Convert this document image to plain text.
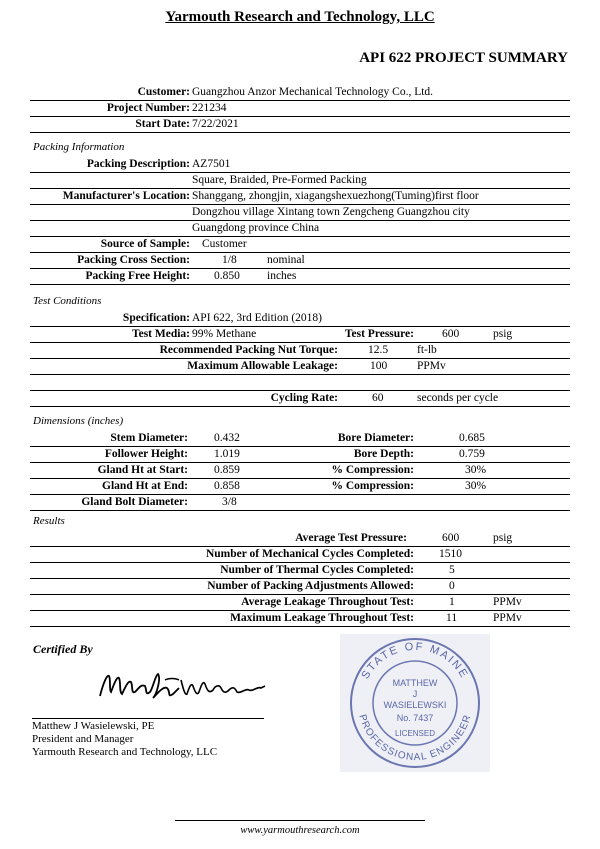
Yarmouth Research and Technology, LLC
API 622 PROJECT SUMMARY
Customer: Guangzhou Anzor Mechanical Technology Co., Ltd.
Project Number: 221234
Start Date: 7/22/2021
Packing Information
Packing Description: AZ7501
Square, Braided, Pre-Formed Packing
Manufacturer's Location: Shanggang, zhongjin, xiagangshexuezhong(Tuming)first floor
Dongzhou village Xintang town Zengcheng Guangzhou city
Guangdong province China
Source of Sample: Customer
Packing Cross Section:	1/8	nominal
Packing Free Height: 0.850 inches
Test Conditions
Specification: API 622, 3rd Edition (2018)
Test Media: 99% Methane	Test Pressure: 600	psig
Recommended Packing Nut Torque:	12.5	ft-lb
Maximum Allowable Leakage:	100	PPMv
Cycling Rate:	60	seconds per cycle
Dimensions (inches)
Stem Diameter: 0.432	Bore Diameter:	0.685
Follower Height: 1.019	Bore Depth:	0.759
Gland Ht at Start: 0.859	% Compression:	30%
Gland Ht at End: 0.858	% Compression:	30%
Gland Bolt Diameter:	3/8
Results
Average Test Pressure:	600	psig
Number of Mechanical Cycles Completed: 1510
Number of Thermal Cycles Completed:	5
Number of Packing Adjustments Allowed:	0
Average Leakage Throughout Test:	1	PPMv
Maximum Leakage Throughout Test:	11	PPMv
Certified By
Matthew J Wasielewski, PE
President and Manager
Yarmouth Research and Technology, LLC
STATE OF MAINE
PROFESSIONAL ENGINEER
MATTHEW
J
WASIELEWSKI
No. 7437
LICENSED
www.yarmouthresearch.com
